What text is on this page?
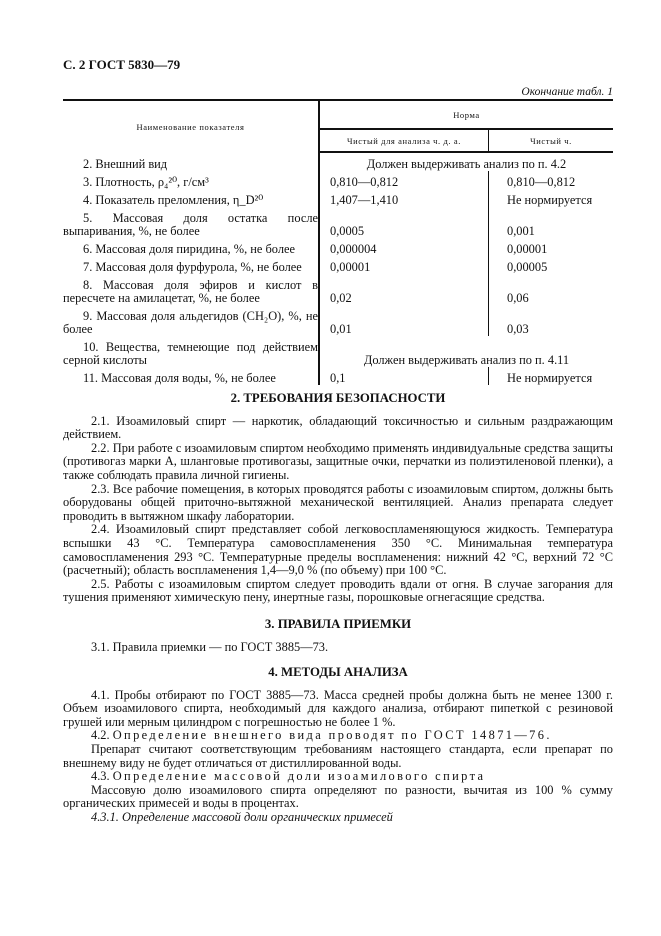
С. 2 ГОСТ 5830—79
Окончание табл. 1
Наименование показателя	Норма	
	Чистый для анализа ч. д. а.	Чистый ч.

2. Внешний вид	Должен выдерживать анализ по п. 4.2	

3. Плотность, ρ₄²⁰, г/см³	0,810—0,812	0,810—0,812

4. Показатель преломления, η_D²⁰	1,407—1,410	Не нормируется

5. Массовая доля остатка после выпаривания, %, не более	0,0005	0,001

6. Массовая доля пиридина, %, не более	0,000004	0,00001

7. Массовая доля фурфурола, %, не более	0,00001	0,00005

8. Массовая доля эфиров и кислот в пересчете на амилацетат, %, не более	0,02	0,06

9. Массовая доля альдегидов (CH₂O), %, не более	0,01	0,03

10. Вещества, темнеющие под действием серной кислоты	Должен выдерживать анализ по п. 4.11	

11. Массовая доля воды, %, не более	0,1	Не нормируется
2. ТРЕБОВАНИЯ БЕЗОПАСНОСТИ

2.1. Изоамиловый спирт — наркотик, обладающий токсичностью и сильным раздражающим действием.

2.2. При работе с изоамиловым спиртом необходимо применять индивидуальные средства защиты (противогаз марки А, шланговые противогазы, защитные очки, перчатки из полиэтиленовой пленки), а также соблюдать правила личной гигиены.

2.3. Все рабочие помещения, в которых проводятся работы с изоамиловым спиртом, должны быть оборудованы общей приточно-вытяжной механической вентиляцией. Анализ препарата следует проводить в вытяжном шкафу лаборатории.

2.4. Изоамиловый спирт представляет собой легковоспламеняющуюся жидкость. Температура вспышки 43 °С. Температура самовоспламенения 350 °С. Минимальная температура самовоспламенения 293 °С. Температурные пределы воспламенения: нижний 42 °С, верхний 72 °С (расчетный); область воспламенения 1,4—9,0 % (по объему) при 100 °С.

2.5. Работы с изоамиловым спиртом следует проводить вдали от огня. В случае загорания для тушения применяют химическую пену, инертные газы, порошковые огнегасящие средства.

3. ПРАВИЛА ПРИЕМКИ

3.1. Правила приемки — по ГОСТ 3885—73.

4. МЕТОДЫ АНАЛИЗА

4.1. Пробы отбирают по ГОСТ 3885—73. Масса средней пробы должна быть не менее 1300 г. Объем изоамилового спирта, необходимый для каждого анализа, отбирают пипеткой с резиновой грушей или мерным цилиндром с погрешностью не более 1 %.

4.2. Определение внешнего вида проводят по ГОСТ 14871—76.

Препарат считают соответствующим требованиям настоящего стандарта, если препарат по внешнему виду не будет отличаться от дистиллированной воды.

4.3. Определение массовой доли изоамилового спирта

Массовую долю изоамилового спирта определяют по разности, вычитая из 100 % сумму органических примесей и воды в процентах.

4.3.1. Определение массовой доли органических примесей
